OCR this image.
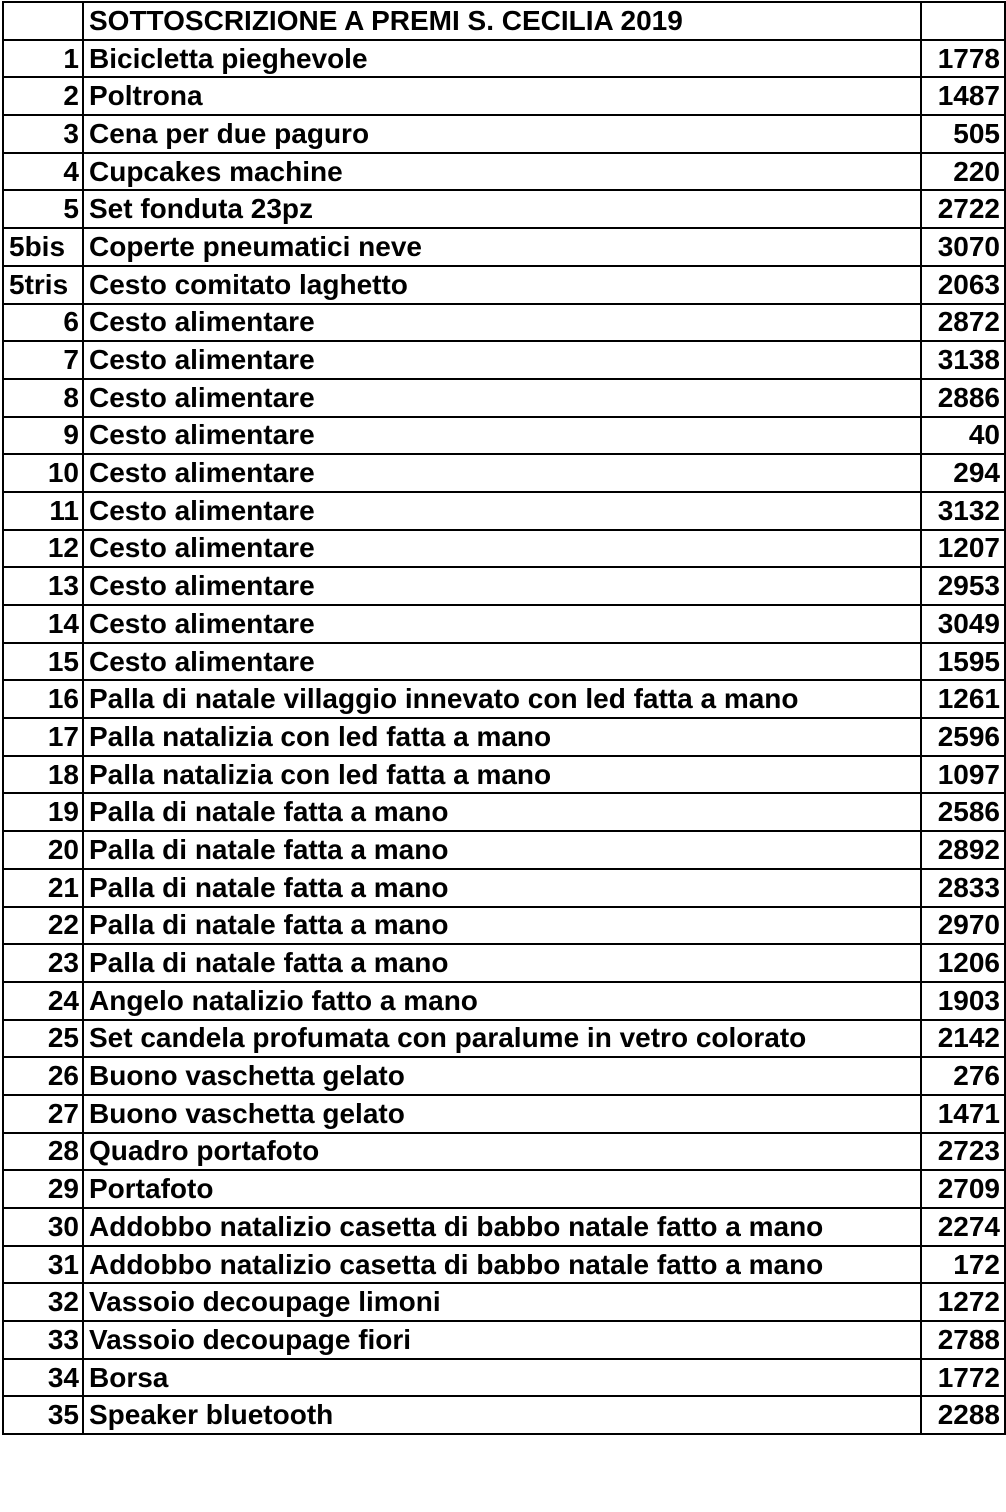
	SOTTOSCRIZIONE A PREMI S. CECILIA 2019	
1	Bicicletta pieghevole	1778
2	Poltrona	1487
3	Cena per due paguro	505
4	Cupcakes machine	220
5	Set fonduta 23pz	2722
5bis	Coperte pneumatici neve	3070
5tris	Cesto comitato laghetto	2063
6	Cesto alimentare	2872
7	Cesto alimentare	3138
8	Cesto alimentare	2886
9	Cesto alimentare	40
10	Cesto alimentare	294
11	Cesto alimentare	3132
12	Cesto alimentare	1207
13	Cesto alimentare	2953
14	Cesto alimentare	3049
15	Cesto alimentare	1595
16	Palla di natale villaggio innevato con led fatta a mano	1261
17	Palla natalizia con led fatta a mano	2596
18	Palla natalizia con led fatta a mano	1097
19	Palla di natale fatta a mano	2586
20	Palla di natale fatta a mano	2892
21	Palla di natale fatta a mano	2833
22	Palla di natale fatta a mano	2970
23	Palla di natale fatta a mano	1206
24	Angelo natalizio fatto a mano	1903
25	Set candela profumata con paralume in vetro colorato	2142
26	Buono vaschetta gelato	276
27	Buono vaschetta gelato	1471
28	Quadro portafoto	2723
29	Portafoto	2709
30	Addobbo natalizio casetta di babbo natale fatto a mano	2274
31	Addobbo natalizio casetta di babbo natale fatto a mano	172
32	Vassoio decoupage limoni	1272
33	Vassoio decoupage fiori	2788
34	Borsa	1772
35	Speaker bluetooth	2288
